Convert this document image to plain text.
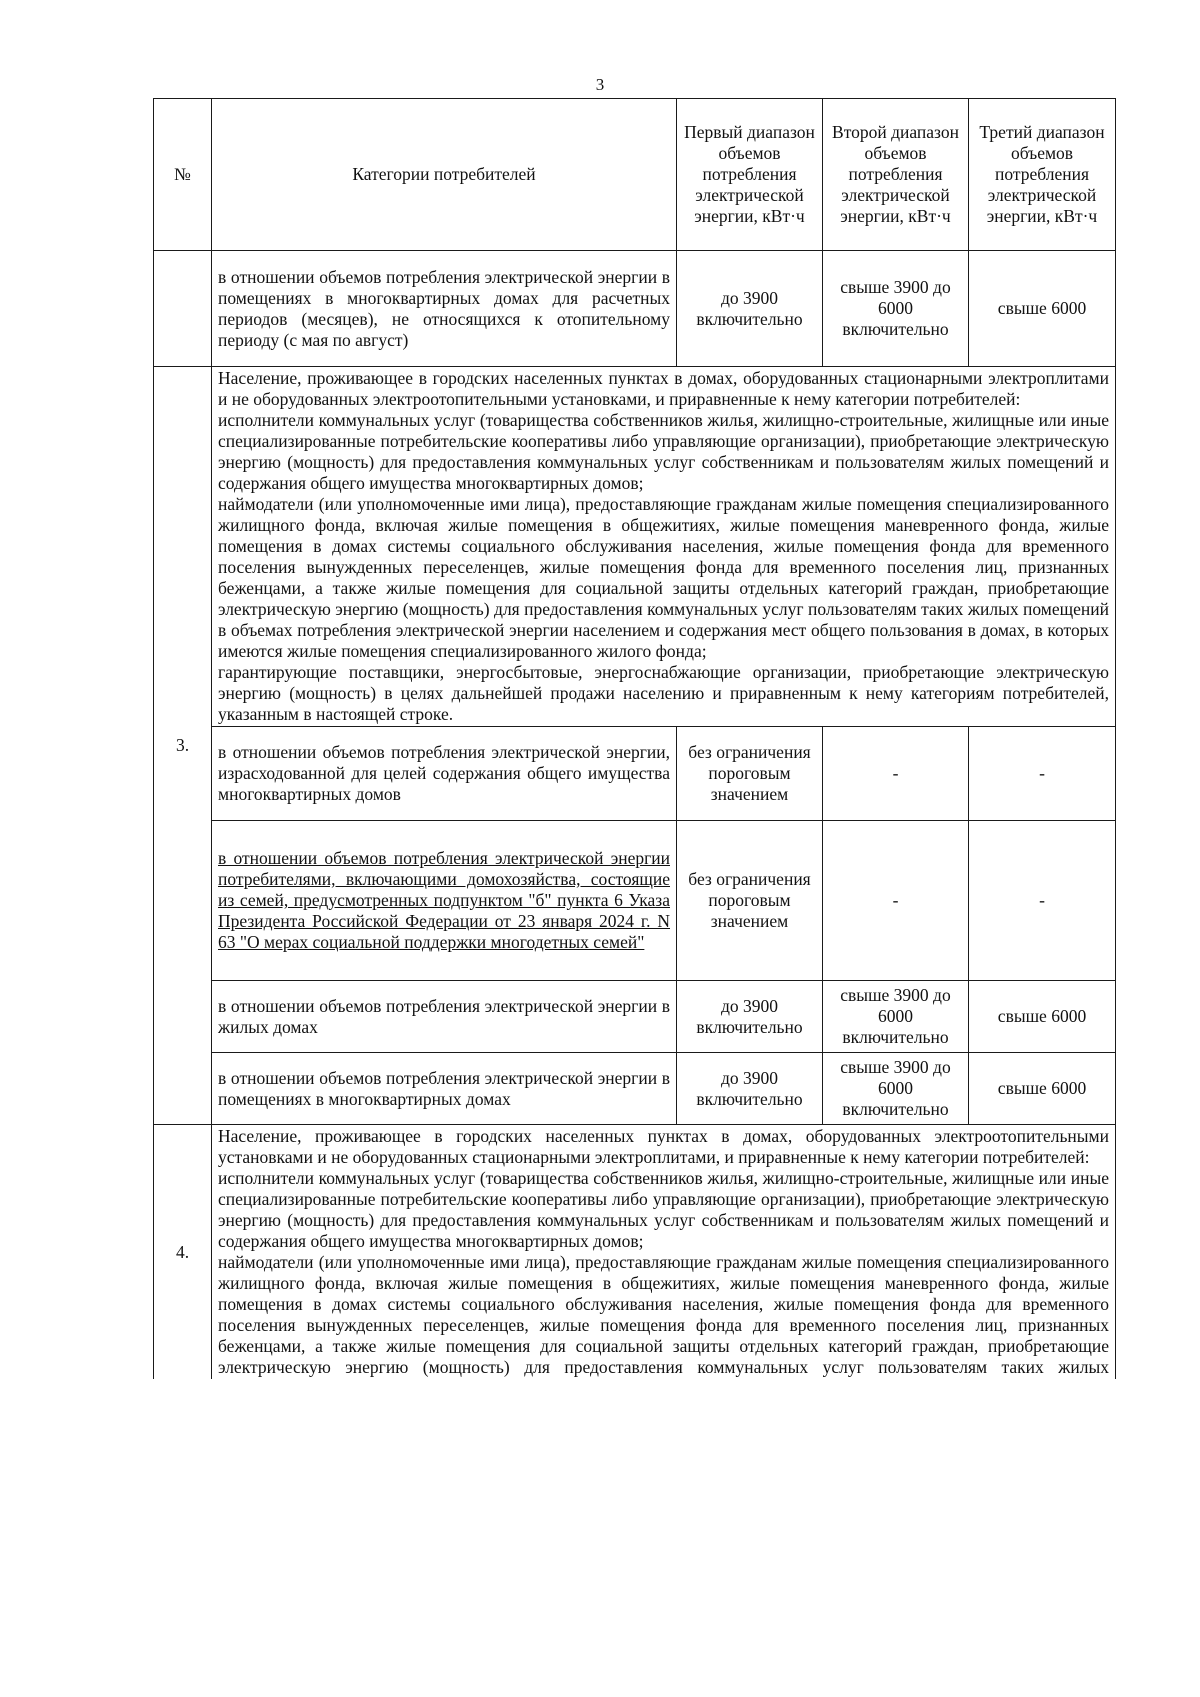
3
№	Категории потребителей	Первый диапазон объемов потребления электрической энергии, кВт·ч	Второй диапазон объемов потребления электрической энергии, кВт·ч	Третий диапазон объемов потребления электрической энергии, кВт·ч
	в отношении объемов потребления электрической энергии в помещениях в многоквартирных домах для расчетных периодов (месяцев), не относящихся к отопительному периоду (с мая по август)	до 3900 включительно	свыше 3900 до 6000 включительно	свыше 6000
3.	Население, проживающее в городских населенных пунктах в домах, оборудованных стационарными электроплитами и не оборудованных электроотопительными установками, и приравненные к нему категории потребителей:

исполнители коммунальных услуг (товарищества собственников жилья, жилищно-строительные, жилищные или иные специализированные потребительские кооперативы либо управляющие организации), приобретающие электрическую энергию (мощность) для предоставления коммунальных услуг собственникам и пользователям жилых помещений и содержания общего имущества многоквартирных домов;

наймодатели (или уполномоченные ими лица), предоставляющие гражданам жилые помещения специализированного жилищного фонда, включая жилые помещения в общежитиях, жилые помещения маневренного фонда, жилые помещения в домах системы социального обслуживания населения, жилые помещения фонда для временного поселения вынужденных переселенцев, жилые помещения фонда для временного поселения лиц, признанных беженцами, а также жилые помещения для социальной защиты отдельных категорий граждан, приобретающие электрическую энергию (мощность) для предоставления коммунальных услуг пользователям таких жилых помещений в объемах потребления электрической энергии населением и содержания мест общего пользования в домах, в которых имеются жилые помещения специализированного жилого фонда;

гарантирующие поставщики, энергосбытовые, энергоснабжающие организации, приобретающие электрическую энергию (мощность) в целях дальнейшей продажи населению и приравненным к нему категориям потребителей, указанным в настоящей строке.			

	в отношении объемов потребления электрической энергии, израсходованной для целей содержания общего имущества многоквартирных домов	без ограничения пороговым значением	-	-
	в отношении объемов потребления электрической энергии потребителями, включающими домохозяйства, состоящие из семей, предусмотренных подпунктом "б" пункта 6 Указа Президента Российской Федерации от 23 января 2024 г. N 63 "О мерах социальной поддержки многодетных семей"	без ограничения пороговым значением	-	-
	в отношении объемов потребления электрической энергии в жилых домах	до 3900 включительно	свыше 3900 до 6000 включительно	свыше 6000
	в отношении объемов потребления электрической энергии в помещениях в многоквартирных домах	до 3900 включительно	свыше 3900 до 6000 включительно	свыше 6000
4.	Население, проживающее в городских населенных пунктах в домах, оборудованных электроотопительными установками и не оборудованных стационарными электроплитами, и приравненные к нему категории потребителей:

исполнители коммунальных услуг (товарищества собственников жилья, жилищно-строительные, жилищные или иные специализированные потребительские кооперативы либо управляющие организации), приобретающие электрическую энергию (мощность) для предоставления коммунальных услуг собственникам и пользователям жилых помещений и содержания общего имущества многоквартирных домов;

наймодатели (или уполномоченные ими лица), предоставляющие гражданам жилые помещения специализированного жилищного фонда, включая жилые помещения в общежитиях, жилые помещения маневренного фонда, жилые помещения в домах системы социального обслуживания населения, жилые помещения фонда для временного поселения вынужденных переселенцев, жилые помещения фонда для временного поселения лиц, признанных беженцами, а также жилые помещения для социальной защиты отдельных категорий граждан, приобретающие электрическую энергию (мощность) для предоставления коммунальных услуг пользователям таких жилых			
